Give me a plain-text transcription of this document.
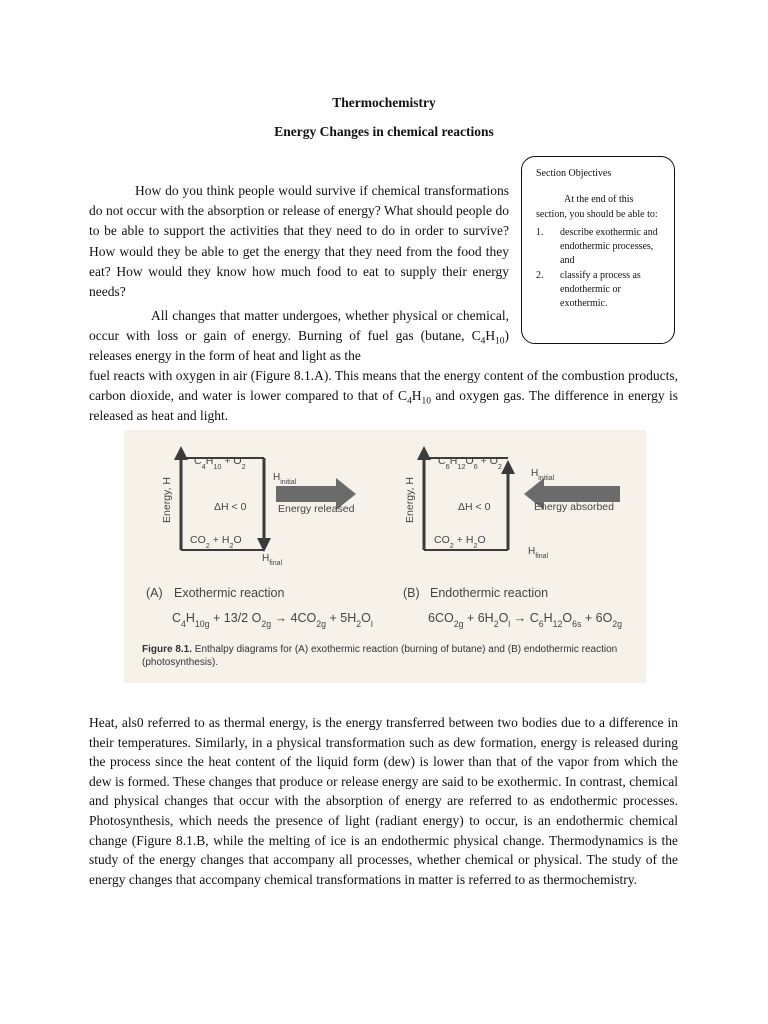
Thermochemistry
Energy Changes in chemical reactions

How do you think people would survive if chemical transformations do not occur with the absorption or release of energy? What should people do to be able to support the activities that they need to do in order to survive? How would they be able to get the energy that they need from the food they eat? How would they know how much food to eat to supply their energy needs?

Section Objectives

At the end of this section, you should be able to:

1.	describe exothermic and endothermic processes, and
2.	classify a process as endothermic or exothermic.

All changes that matter undergoes, whether physical or chemical, occur with loss or gain of energy. Burning of fuel gas (butane, $C_4H_{10}$) releases energy in the form of heat and light as the

fuel reacts with oxygen in air (Figure 8.1.A). This means that the energy content of the combustion products, carbon dioxide, and water is lower compared to that of $C_4H_{10}$ and oxygen gas. The difference in energy is released as heat and light.

$C_4H_{10} + O_2$
$CO_2 + H_2O$
Energy, H	$H_{initial}$
$H_{final}$
ΔH < 0	Energy released
$C_6H_{12}O_6 + O_2$
$CO_2 + H_2O$
Energy, H
$H_{initial}$
$H_{final}$
ΔH < 0	Energy absorbed
(A) Exothermic reaction
$C_4H_{10g} + 13/2$ $O_{2g} \to 4CO_{2g} + 5H_2O_l$
(B) Endothermic reaction
$6CO_{2g} + 6H_2O_l \to C_6H_{12}O_{6s} + 6O_{2g}$
Figure 8.1. Enthalpy diagrams for (A) exothermic reaction (burning of butane) and (B) endothermic reaction (photosynthesis).

Heat, als0 referred to as thermal energy, is the energy transferred between two bodies due to a difference in their temperatures. Similarly, in a physical transformation such as dew formation, energy is released during the process since the heat content of the liquid form (dew) is lower than that of the vapor from which the dew is formed. These changes that produce or release energy are said to be exothermic. In contrast, chemical and physical changes that occur with the absorption of energy are referred to as endothermic processes. Photosynthesis, which needs the presence of light (radiant energy) to occur, is an endothermic chemical change (Figure 8.1.B, while the melting of ice is an endothermic physical change. Thermodynamics is the study of the energy changes that accompany all processes, whether chemical or physical. The study of the energy changes that accompany chemical transformations in matter is referred to as thermochemistry.
